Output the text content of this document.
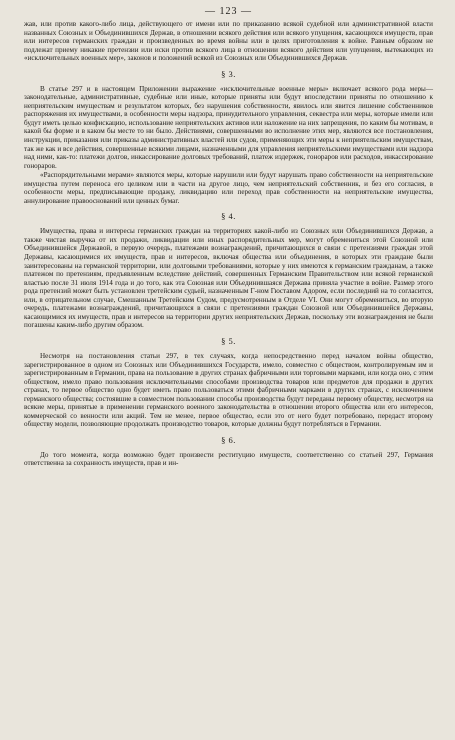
— 123 —

жав, или против какого-либо лица, действующего от имени или по приказанию всякой судебной или административной власти названных Союзных и Объединившихся Держав, в отношении всякого действия или всякого упущения, касающихся имуществ, прав или интересов германских граждан и произведенных во время войны или в целях приготовления к войне. Равным образом не подлежат приему никакие претензии или иски против всякого лица в отношении всякого действия или упущения, вытекающих из «исключительных военных мер», законов и положений всякой из Союзных или Объединившихся Держав.

§ 3.

В статье 297 и в настоящем Приложении выражение «исключительные военные меры» включает всякого рода меры—законодательные, административные, судебные или иные, которые приняты или будут впоследствии приняты по отношению к неприятельским имуществам и результатом которых, без нарушения собственности, явилось или явится лишение собственников распоряжения их имуществами, в особенности меры надзора, принудительного управления, секвестра или меры, которые имели или будут иметь целью конфискацию, использование неприятельских активов или наложение на них запрещения, по каким бы мотивам, в какой бы форме и в каком бы месте то ни было. Действиями, совершенными во исполнение этих мер, являются все постановления, инструкции, приказания или приказы административных властей или судов, применяющих эти меры к неприятельским имуществам, так же как и все действия, совершенные всякими лицами, назначенными для управления неприятельскими имуществами или надзора над ними, как-то: платежи долгов, инкассирование долговых требований, платеж издержек, гонораров или расходов, инкассирование гонораров.

«Распорядительными мерами» являются меры, которые нарушили или будут нарушать право собственности на неприятельские имущества путем переноса его целиком или в части на другое лицо, чем неприятельский собственник, и без его согласия, в особенности меры, предписывающие продажу, ликвидацию или переход прав собственности на неприятельские имущества, аннулирование правооснований или ценных бумаг.

§ 4.

Имущества, права и интересы германских граждан на территориях какой-либо из Союзных или Объединившихся Держав, а также чистая выручка от их продажи, ликвидации или иных распорядительных мер, могут обремениться этой Союзной или Объединившейся Державой, в первую очередь, платежами вознаграждений, причитающихся в связи с претензиями граждан этой Державы, касающимися их имуществ, прав и интересов, включая общества или объединения, в которых эти граждане были заинтересованы на германской территории, или долговыми требованиями, которые у них имеются к германским гражданам, а также платежом по претензиям, предъявленным вследствие действий, совершенных Германским Правительством или всякой германской властью после 31 июля 1914 года и до того, как эта Союзная или Объединившаяся Держава приняла участие в войне. Размер этого рода претензий может быть установлен третейским судьей, назначенным Г-ном Гюставом Адором, если последний на то согласится, или, в отрицательном случае, Смешанным Третейским Судом, предусмотренным в Отделе VI. Они могут обремениться, во вторую очередь, платежами вознаграждений, причитающихся в связи с претензиями граждан Союзной или Объединившейся Державы, касающимися их имуществ, прав и интересов на территории других неприятельских Держав, поскольку эти вознаграждения не были погашены каким-либо другим образом.

§ 5.

Несмотря на постановления статьи 297, в тех случаях, когда непосредственно перед началом войны общество, зарегистрированное в одном из Союзных или Объединившихся Государств, имело, совместно с обществом, контролируемым им и зарегистрированным в Германии, права на пользование в других странах фабричными или торговыми марками, или когда оно, с этим обществом, имело право пользования исключительными способами производства товаров или предметов для продажи в других странах, то первое общество одно будет иметь право пользоваться этими фабричными марками в других странах, с исключением германского общества; состоявшие в совместном пользовании способы производства будут переданы первому обществу, несмотря на всякие меры, принятые в применении германского военного законодательства в отношении второго общества или его интересов, коммерческой со венности или акций. Тем не менее, первое общество, если это от него будет потребовано, передаст второму обществу модели, позволяющие продолжать производство товаров, которые должны будут потребляться в Германии.

§ 6.

До того момента, когда возможно будет произвести реституцию имуществ, соответственно со статьей 297, Германия ответственна за сохранность имуществ, прав и ин-
